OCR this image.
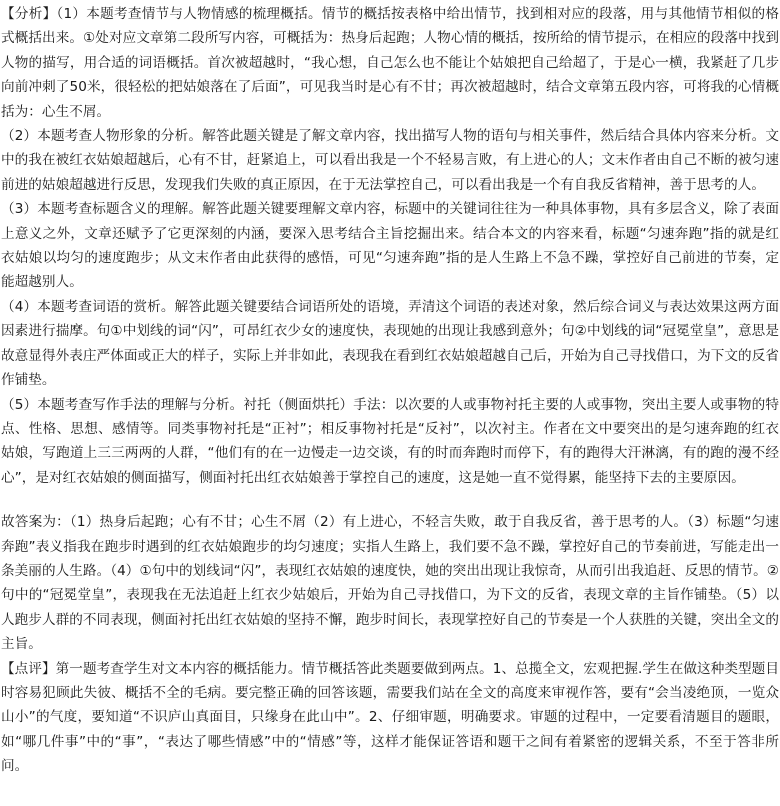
【分析】（1）本题考查情节与人物情感的梳理概括。情节的概括按表格中给出情节，找到相对应的段落，用与其他情节相似的格式概括出来。①处对应文章第二段所写内容，可概括为：热身后起跑；人物心情的概括，按所给的情节提示，在相应的段落中找到人物的描写，用合适的词语概括。首次被超越时，“我心想，自己怎么也不能让个姑娘把自己给超了，于是心一横，我紧赶了几步向前冲刺了50米，很轻松的把姑娘落在了后面”，可见我当时是心有不甘；再次被超越时，结合文章第五段内容，可将我的心情概括为：心生不屑。

（2）本题考查人物形象的分析。解答此题关键是了解文章内容，找出描写人物的语句与相关事件，然后结合具体内容来分析。文中的我在被红衣姑娘超越后，心有不甘，赶紧追上，可以看出我是一个不轻易言败，有上进心的人；文末作者由自己不断的被匀速前进的姑娘超越进行反思，发现我们失败的真正原因，在于无法掌控自己，可以看出我是一个有自我反省精神，善于思考的人。

（3）本题考查标题含义的理解。解答此题关键要理解文章内容，标题中的关键词往往为一种具体事物，具有多层含义，除了表面上意义之外，文章还赋予了它更深刻的内涵，要深入思考结合主旨挖掘出来。结合本文的内容来看，标题“匀速奔跑”指的就是红衣姑娘以均匀的速度跑步；从文末作者由此获得的感悟，可见“匀速奔跑”指的是人生路上不急不躁，掌控好自己前进的节奏，定能超越别人。

（4）本题考查词语的赏析。解答此题关键要结合词语所处的语境，弄清这个词语的表述对象，然后综合词义与表达效果这两方面因素进行揣摩。句①中划线的词“闪”，可昂红衣少女的速度快，表现她的出现让我感到意外；句②中划线的词“冠冕堂皇”，意思是故意显得外表庄严体面或正大的样子，实际上并非如此，表现我在看到红衣姑娘超越自己后，开始为自己寻找借口，为下文的反省作铺垫。

（5）本题考查写作手法的理解与分析。衬托（侧面烘托）手法：以次要的人或事物衬托主要的人或事物，突出主要人或事物的特点、性格、思想、感情等。同类事物衬托是“正衬”；相反事物衬托是“反衬”，以次衬主。作者在文中要突出的是匀速奔跑的红衣姑娘，写跑道上三三两两的人群，“他们有的在一边慢走一边交谈，有的时而奔跑时而停下，有的跑得大汗淋漓，有的跑的漫不经心”，是对红衣姑娘的侧面描写，侧面衬托出红衣姑娘善于掌控自己的速度，这是她一直不觉得累，能坚持下去的主要原因。

故答案为：（1）热身后起跑；心有不甘；心生不屑（2）有上进心，不轻言失败，敢于自我反省，善于思考的人。（3）标题“匀速奔跑”表义指我在跑步时遇到的红衣姑娘跑步的均匀速度；实指人生路上，我们要不急不躁，掌控好自己的节奏前进，写能走出一条美丽的人生路。（4）①句中的划线词“闪”，表现红衣姑娘的速度快，她的突出出现让我惊奇，从而引出我追赶、反思的情节。②句中的“冠冕堂皇”，表现我在无法追赶上红衣少姑娘后，开始为自己寻找借口，为下文的反省，表现文章的主旨作铺垫。（5）以人跑步人群的不同表现，侧面衬托出红衣姑娘的坚持不懈，跑步时间长，表现掌控好自己的节奏是一个人获胜的关键，突出全文的主旨。

【点评】第一题考查学生对文本内容的概括能力。情节概括答此类题要做到两点。1、总揽全文，宏观把握.学生在做这种类型题目时容易犯顾此失彼、概括不全的毛病。要完整正确的回答该题，需要我们站在全文的高度来审视作答，要有“会当凌绝顶，一览众山小”的气度，要知道“不识庐山真面目，只缘身在此山中”。2、仔细审题，明确要求。审题的过程中，一定要看清题目的题眼，如“哪几件事”中的“事”，“表达了哪些情感”中的“情感”等，这样才能保证答语和题干之间有着紧密的逻辑关系，不至于答非所问。
